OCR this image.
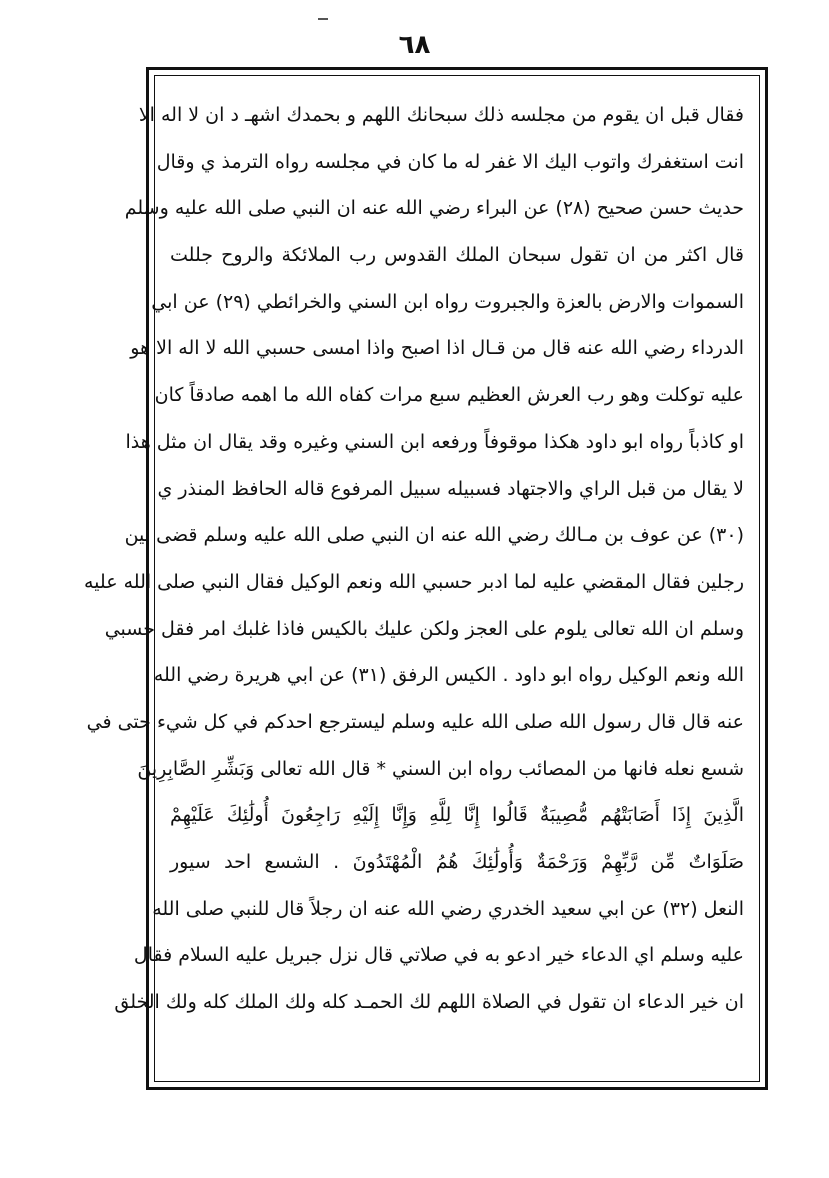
٦٨
فقال قبل ان يقوم من مجلسه ذلك سبحانك اللهم و بحمدك اشهـ د ان لا اله الا
انت استغفرك واتوب اليك الا غفر له ما كان في مجلسه رواه الترمذ ي وقال
حديث حسن صحيح (٢٨) عن البراء رضي الله عنه ان النبي صلى الله عليه وسلم
قال اكثر من ان تقول سبحان الملك القدوس رب الملائكة والروح جللت
السموات والارض بالعزة والجبروت رواه ابن السني والخرائطي (٢٩) عن ابي
الدرداء رضي الله عنه قال من قـال اذا اصبح واذا امسى حسبي الله لا اله الا هو
عليه توكلت وهو رب العرش العظيم سبع مرات كفاه الله ما اهمه صادقاً كان
او كاذباً رواه ابو داود هكذا موقوفاً ورفعه ابن السني وغيره وقد يقال ان مثل هذا
لا يقال من قبل الراي والاجتهاد فسبيله سبيل المرفوع قاله الحافظ المنذر ي
(٣٠) عن عوف بن مـالك رضي الله عنه ان النبي صلى الله عليه وسلم قضى بين
رجلين فقال المقضي عليه لما ادبر حسبي الله ونعم الوكيل فقال النبي صلى الله عليه
وسلم ان الله تعالى يلوم على العجز ولكن عليك بالكيس فاذا غلبك امر فقل حسبي
الله ونعم الوكيل رواه ابو داود . الكيس الرفق (٣١) عن ابي هريرة رضي الله
عنه قال قال رسول الله صلى الله عليه وسلم ليسترجع احدكم في كل شيء حتى في
شسع نعله فانها من المصائب رواه ابن السني * قال الله تعالى وَبَشِّرِ الصَّابِرِينَ
الَّذِينَ إِذَا أَصَابَتْهُم مُّصِيبَةٌ قَالُوا إِنَّا لِلَّهِ وَإِنَّا إِلَيْهِ رَاجِعُونَ أُولَٰئِكَ عَلَيْهِمْ
صَلَوَاتٌ مِّن رَّبِّهِمْ وَرَحْمَةٌ وَأُولَٰئِكَ هُمُ الْمُهْتَدُونَ . الشسع احد سيور
النعل (٣٢) عن ابي سعيد الخدري رضي الله عنه ان رجلاً قال للنبي صلى الله
عليه وسلم اي الدعاء خير ادعو به في صلاتي قال نزل جبريل عليه السلام فقال
ان خير الدعاء ان تقول في الصلاة اللهم لك الحمـد كله ولك الملك كله ولك الخلق
